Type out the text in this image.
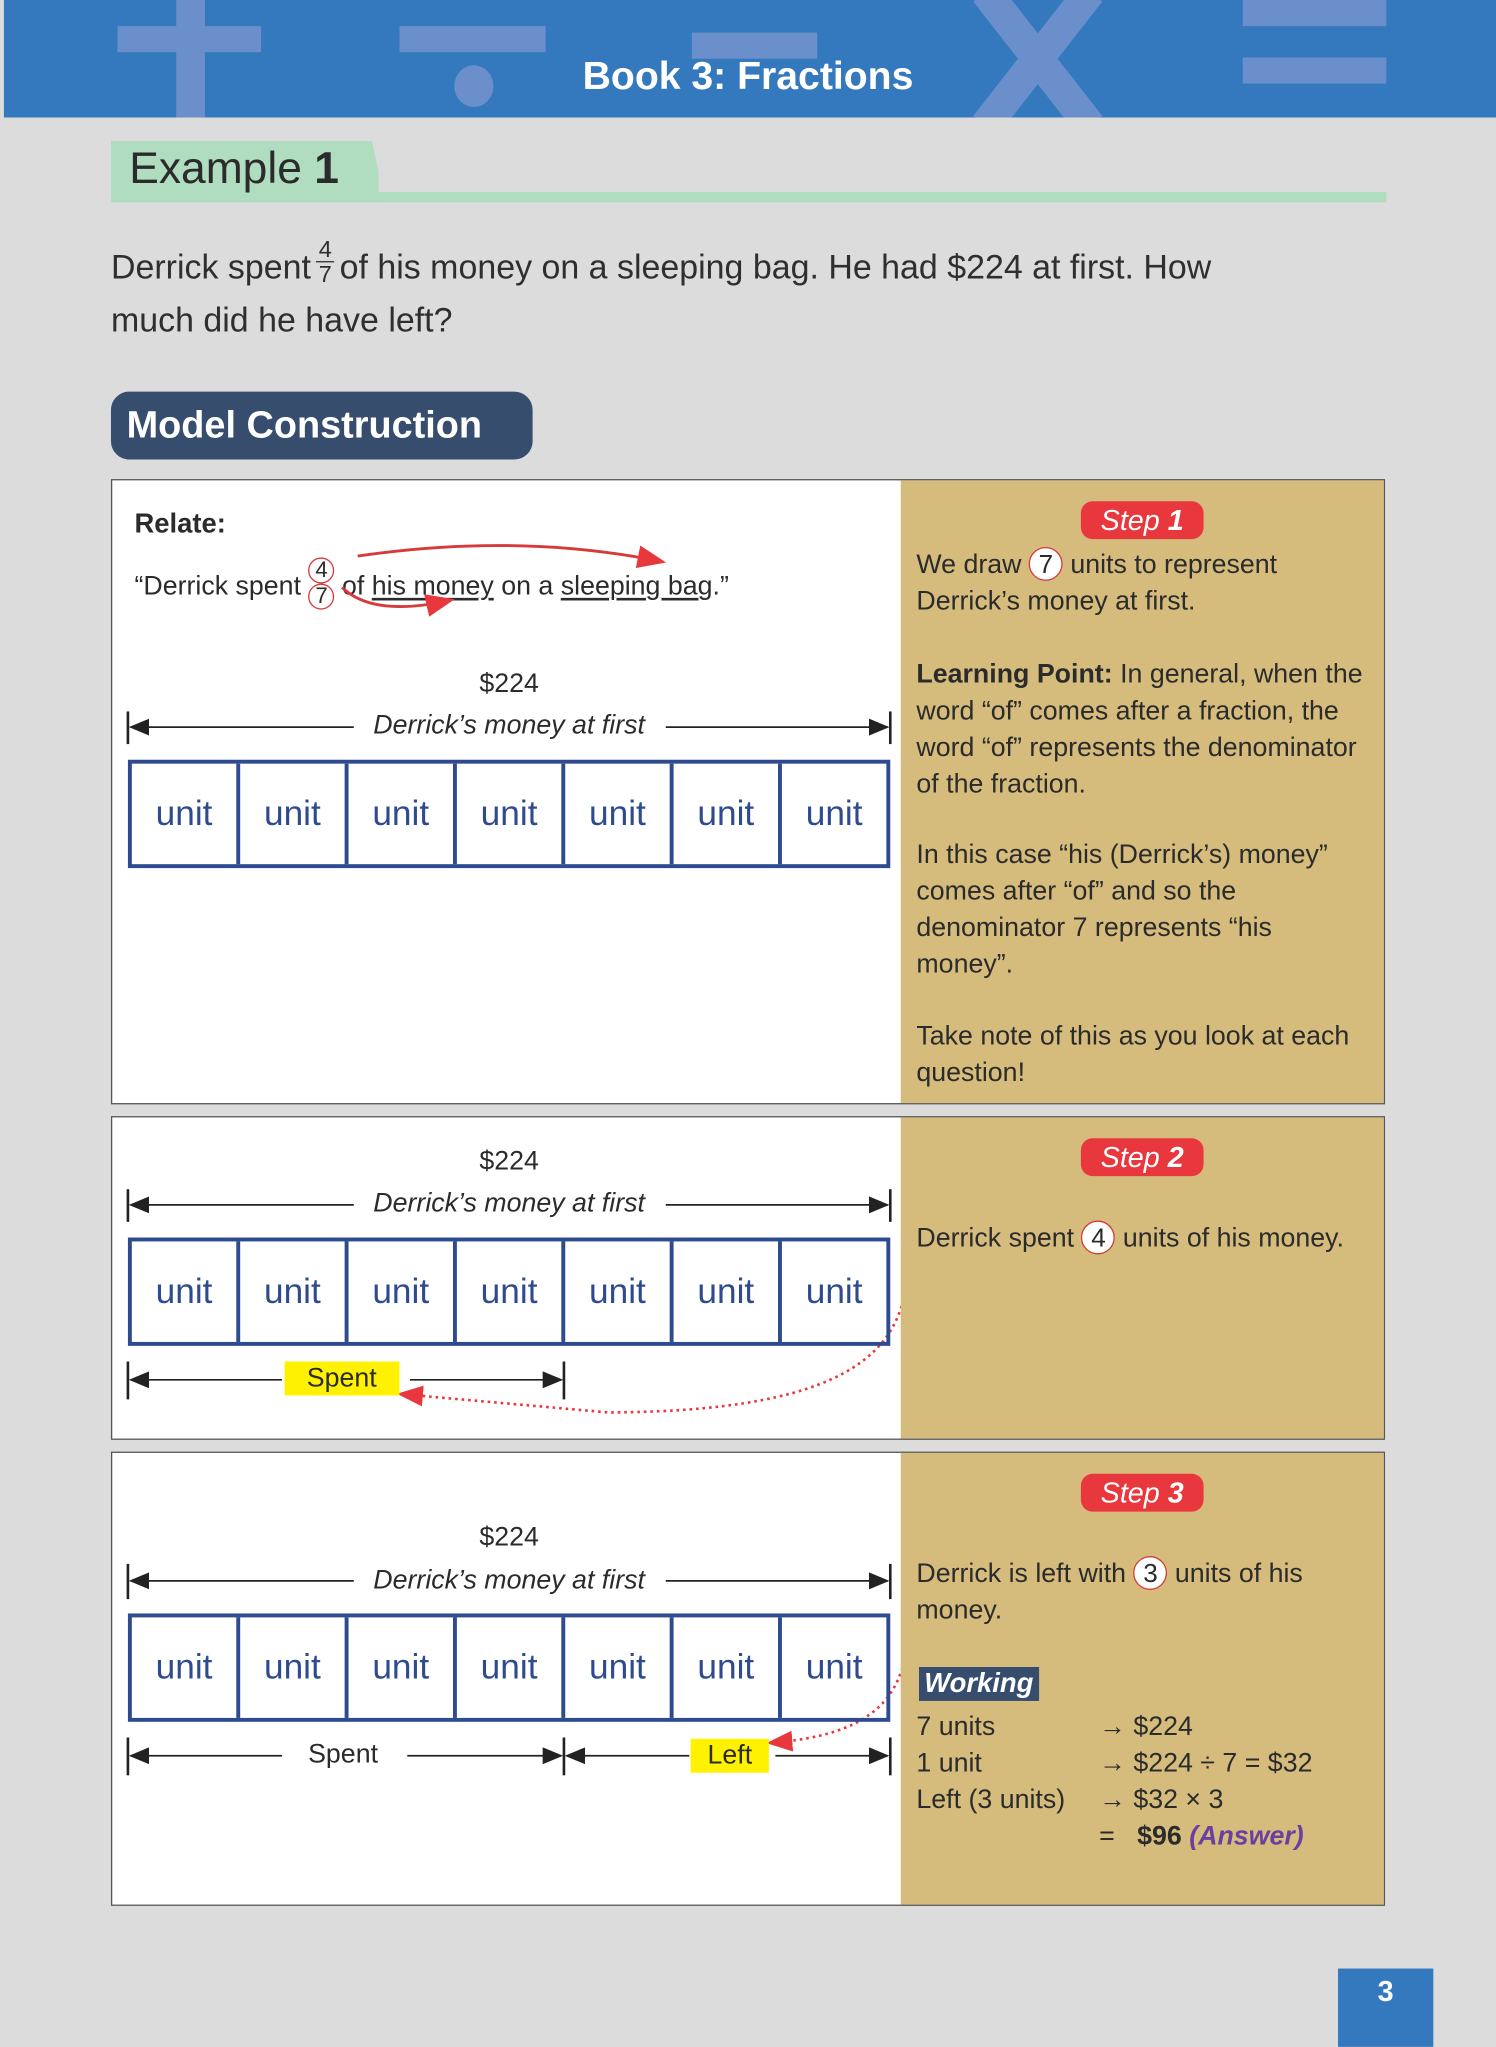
Book 3: Fractions
Example 1
Derrick spent $\frac{4}{7}$ of his money on a sleeping bag. He had $224 at first. How
much did he have left?
Model Construction
Relate:
“Derrick spent $\frac{4}{7}$ of his money on a sleeping bag.”
$224
Derrick’s money at first
unit	unit	unit	unit	unit	unit	unit
Step 1
We draw 7 units to represent Derrick’s money at first.
Learning Point: In general, when the word “of” comes after a fraction, the word “of” represents the denominator of the fraction.
In this case “his (Derrick’s) money” comes after “of” and so the denominator 7 represents “his money”.
Take note of this as you look at each question!
$224
Derrick’s money at first
unit	unit	unit	unit	unit	unit	unit
Spent
Step 2
Derrick spent 4 units of his money.
$224
Derrick’s money at first
unit	unit	unit	unit	unit	unit	unit
Spent	Left
Step 3
Derrick is left with 3 units of his money.
Working
7 units	→ $224
1 unit	→ $224 ÷ 7 = $32
Left (3 units) → $32 × 3
= $96 (Answer)
3
